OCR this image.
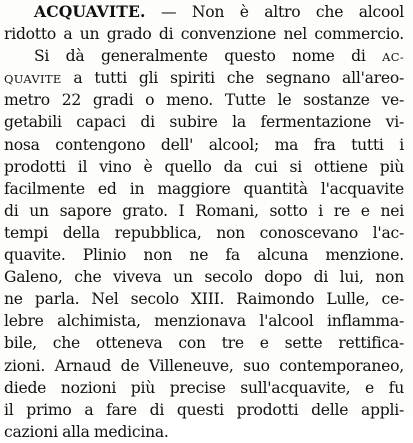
ACQUAVITE. — Non è altro che alcool
ridotto a un grado di convenzione nel commercio.
Si dà generalmente questo nome di AC-
QUAVITE a tutti gli spiriti che segnano all'areo-
metro 22 gradi o meno. Tutte le sostanze ve-
getabili capaci di subire la fermentazione vi-
nosa contengono dell' alcool; ma fra tutti i
prodotti il vino è quello da cui si ottiene più
facilmente ed in maggiore quantità l'acquavite
di un sapore grato. I Romani, sotto i re e nei
tempi della repubblica, non conoscevano l'ac-
quavite. Plinio non ne fa alcuna menzione.
Galeno, che viveva un secolo dopo di lui, non
ne parla. Nel secolo XIII. Raimondo Lulle, ce-
lebre alchimista, menzionava l'alcool inflamma-
bile, che otteneva con tre e sette rettifica-
zioni. Arnaud de Villeneuve, suo contemporaneo,
diede nozioni più precise sull'acquavite, e fu
il primo a fare di questi prodotti delle appli-
cazioni alla medicina.
